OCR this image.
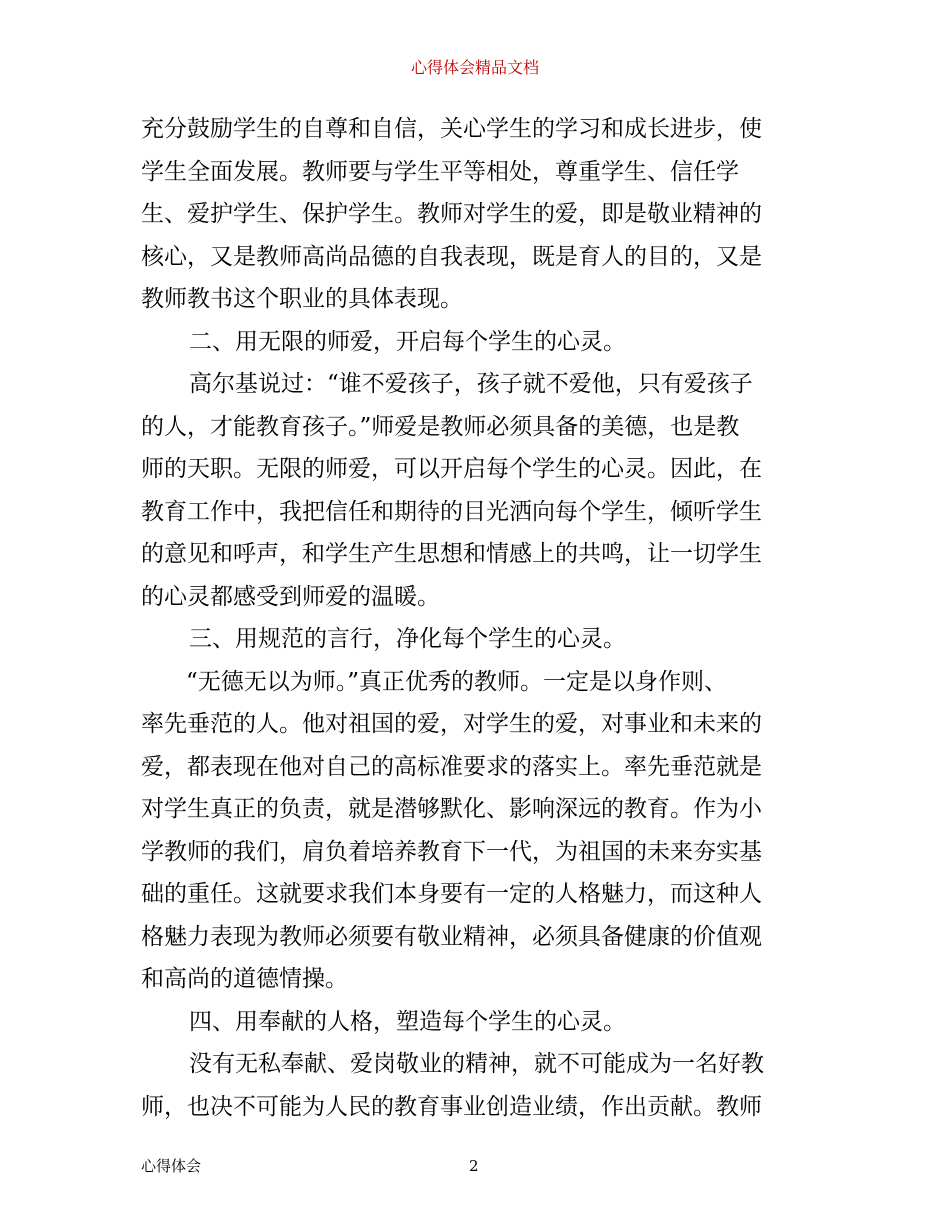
心得体会精品文档
充分鼓励学生的自尊和自信，关心学生的学习和成长进步，使
学生全面发展。教师要与学生平等相处，尊重学生、信任学
生、爱护学生、保护学生。教师对学生的爱，即是敬业精神的
核心，又是教师高尚品德的自我表现，既是育人的目的，又是
教师教书这个职业的具体表现。
二、用无限的师爱，开启每个学生的心灵。
高尔基说过：“谁不爱孩子，孩子就不爱他，只有爱孩子
的人，才能教育孩子。”师爱是教师必须具备的美德，也是教
师的天职。无限的师爱，可以开启每个学生的心灵。因此，在
教育工作中，我把信任和期待的目光洒向每个学生，倾听学生
的意见和呼声，和学生产生思想和情感上的共鸣，让一切学生
的心灵都感受到师爱的温暖。
三、用规范的言行，净化每个学生的心灵。
“无德无以为师。”真正优秀的教师。一定是以身作则、
率先垂范的人。他对祖国的爱，对学生的爱，对事业和未来的
爱，都表现在他对自己的高标准要求的落实上。率先垂范就是
对学生真正的负责，就是潜够默化、影响深远的教育。作为小
学教师的我们，肩负着培养教育下一代，为祖国的未来夯实基
础的重任。这就要求我们本身要有一定的人格魅力，而这种人
格魅力表现为教师必须要有敬业精神，必须具备健康的价值观
和高尚的道德情操。
四、用奉献的人格，塑造每个学生的心灵。
没有无私奉献、爱岗敬业的精神，就不可能成为一名好教
师，也决不可能为人民的教育事业创造业绩，作出贡献。教师
心得体会	2
